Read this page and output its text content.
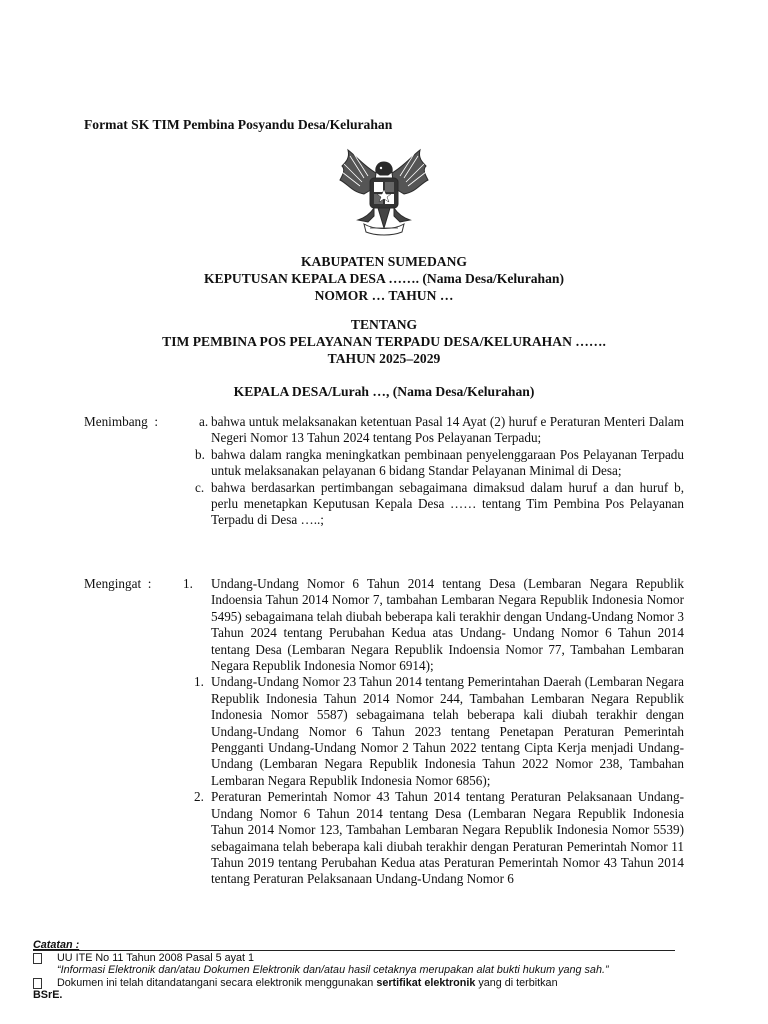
Format SK TIM Pembina Posyandu Desa/Kelurahan
KABUPATEN SUMEDANG
KEPUTUSAN KEPALA DESA ……. (Nama Desa/Kelurahan)
NOMOR … TAHUN …
TENTANG
TIM PEMBINA POS PELAYANAN TERPADU DESA/KELURAHAN …….
TAHUN 2025–2029
KEPALA DESA/Lurah …, (Nama Desa/Kelurahan)
Menimbang  :	a. bahwa untuk melaksanakan ketentuan Pasal 14 Ayat (2) huruf e Peraturan Menteri Dalam Negeri Nomor 13 Tahun 2024 tentang Pos Pelayanan Terpadu;
b. bahwa dalam rangka meningkatkan pembinaan penyelenggaraan Pos Pelayanan Terpadu untuk melaksanakan pelayanan 6 bidang Standar Pelayanan Minimal di Desa;
c. bahwa berdasarkan pertimbangan sebagaimana dimaksud dalam huruf a dan huruf b, perlu menetapkan Keputusan Kepala Desa …… tentang Tim Pembina Pos Pelayanan Terpadu di Desa …..;
Mengingat  : 1. Undang-Undang Nomor 6 Tahun 2014 tentang Desa (Lembaran Negara Republik Indoensia Tahun 2014 Nomor 7, tambahan Lembaran Negara Republik Indonesia Nomor 5495) sebagaimana telah diubah beberapa kali terakhir dengan Undang-Undang Nomor 3 Tahun 2024 tentang Perubahan Kedua atas Undang- Undang Nomor 6 Tahun 2014 tentang Desa (Lembaran Negara Republik Indoensia Nomor 77, Tambahan Lembaran Negara Republik Indonesia Nomor 6914);
1. Undang-Undang Nomor 23 Tahun 2014 tentang Pemerintahan Daerah (Lembaran Negara Republik Indonesia Tahun 2014 Nomor 244, Tambahan Lembaran Negara Republik Indonesia Nomor 5587) sebagaimana telah beberapa kali diubah terakhir dengan Undang-Undang Nomor 6 Tahun 2023 tentang Penetapan Peraturan Pemerintah Pengganti Undang-Undang Nomor 2 Tahun 2022 tentang Cipta Kerja menjadi Undang- Undang (Lembaran Negara Republik Indonesia Tahun 2022 Nomor 238, Tambahan Lembaran Negara Republik Indonesia Nomor 6856);
2. Peraturan Pemerintah Nomor 43 Tahun 2014 tentang Peraturan Pelaksanaan Undang-Undang Nomor 6 Tahun 2014 tentang Desa (Lembaran Negara Republik Indonesia Tahun 2014 Nomor 123, Tambahan Lembaran Negara Republik Indonesia Nomor 5539) sebagaimana telah beberapa kali diubah terakhir dengan Peraturan Pemerintah Nomor 11 Tahun 2019 tentang Perubahan Kedua atas Peraturan Pemerintah Nomor 43 Tahun 2014 tentang Peraturan Pelaksanaan Undang-Undang Nomor 6
Catatan :
UU ITE No 11 Tahun 2008 Pasal 5 ayat 1
“Informasi Elektronik dan/atau Dokumen Elektronik dan/atau hasil cetaknya merupakan alat bukti hukum yang sah.”
Dokumen ini telah ditandatangani secara elektronik menggunakan sertifikat elektronik yang di terbitkan
BSrE.
